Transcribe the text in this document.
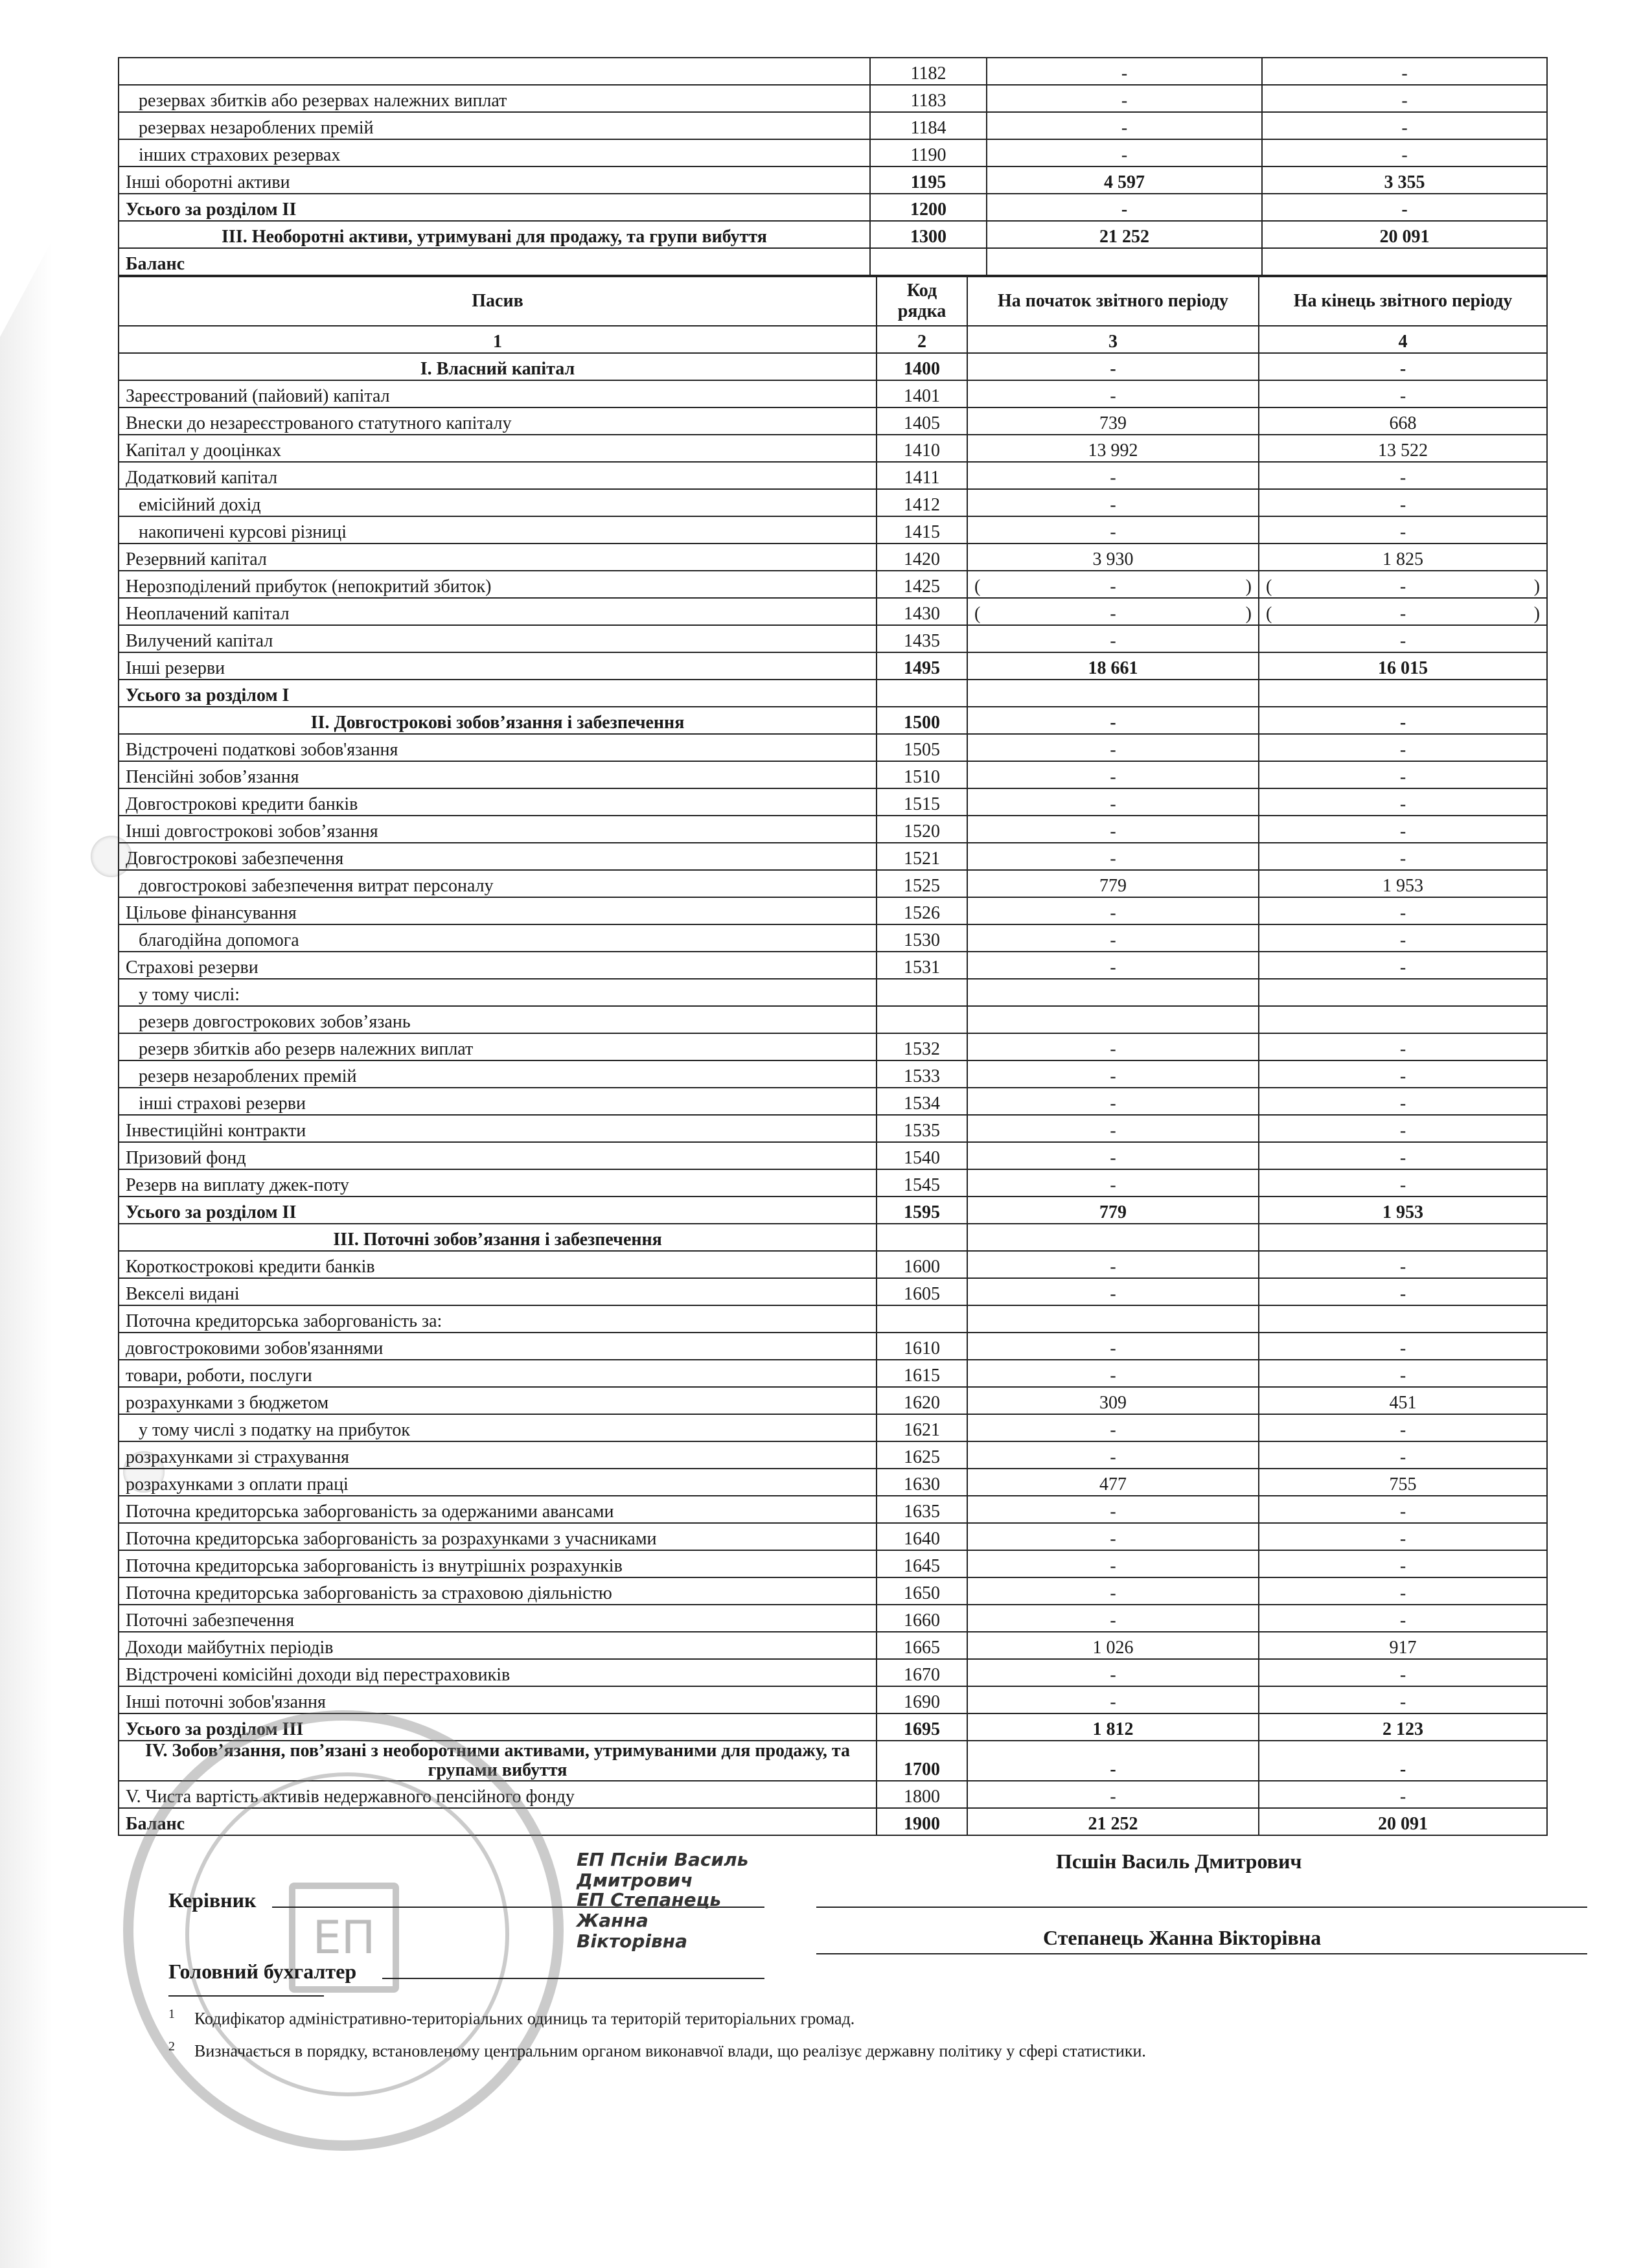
	1182	-	-
резервах збитків або резервах належних виплат	1183	-	-
резервах незароблених премій	1184	-	-
інших страхових резервах	1190	-	-
Інші оборотні активи	1195	4 597	3 355
Усього за розділом II	1200	-	-
III. Необоротні активи, утримувані для продажу, та групи вибуття	1300	21 252	20 091
Баланс			
Пасив	Код рядка	На початок звітного періоду	На кінець звітного періоду
1	2	3	4
I. Власний капітал	1400	-	-
Зареєстрований (пайовий) капітал	1401	-	-
Внески до незареєстрованого статутного капіталу	1405	739	668
Капітал у дооцінках	1410	13 992	13 522
Додатковий капітал	1411	-	-
емісійний дохід	1412	-	-
накопичені курсові різниці	1415	-	-
Резервний капітал	1420	3 930	1 825
Нерозподілений прибуток (непокритий збиток)	1425	( - )	( - )

Неоплачений капітал	1430	( - )	( - )

Вилучений капітал	1435	-	-
Інші резерви	1495	18 661	16 015
Усього за розділом I			
II. Довгострокові зобов’язання і забезпечення	1500	-	-
Відстрочені податкові зобов'язання	1505	-	-
Пенсійні зобов’язання	1510	-	-
Довгострокові кредити банків	1515	-	-
Інші довгострокові зобов’язання	1520	-	-
Довгострокові забезпечення	1521	-	-
довгострокові забезпечення витрат персоналу	1525	779	1 953
Цільове фінансування	1526	-	-
благодійна допомога	1530	-	-
Страхові резерви	1531	-	-
у тому числі:			
резерв довгострокових зобов’язань			
резерв збитків або резерв належних виплат	1532	-	-
резерв незароблених премій	1533	-	-
інші страхові резерви	1534	-	-
Інвестиційні контракти	1535	-	-
Призовий фонд	1540	-	-
Резерв на виплату джек-поту	1545	-	-
Усього за розділом II	1595	779	1 953
III. Поточні зобов’язання і забезпечення			
Короткострокові кредити банків	1600	-	-
Векселі видані	1605	-	-
Поточна кредиторська заборгованість за:			
довгостроковими зобов'язаннями	1610	-	-
товари, роботи, послуги	1615	-	-
розрахунками з бюджетом	1620	309	451
у тому числі з податку на прибуток	1621	-	-
розрахунками зі страхування	1625	-	-
розрахунками з оплати праці	1630	477	755
Поточна кредиторська заборгованість за одержаними авансами	1635	-	-
Поточна кредиторська заборгованість за розрахунками з учасниками	1640	-	-
Поточна кредиторська заборгованість із внутрішніх розрахунків	1645	-	-
Поточна кредиторська заборгованість за страховою діяльністю	1650	-	-
Поточні забезпечення	1660	-	-
Доходи майбутніх періодів	1665	1 026	917
Відстрочені комісійні доходи від перестраховиків	1670	-	-
Інші поточні зобов'язання	1690	-	-
Усього за розділом III	1695	1 812	2 123
IV. Зобов’язання, пов’язані з необоротними активами, утримуваними для продажу, та групами вибуття	1700	-	-
V. Чиста вартість активів недержавного пенсійного фонду	1800	-	-
Баланс	1900	21 252	20 091
ЕП
Керівник
ЕП Псніи Василь
Дмитрович
Псшін Василь Дмитрович
ЕП Степанець
Жанна
Вікторівна
Головний бухгалтер
Степанець Жанна Вікторівна
$^1$ Кодифікатор адміністративно-територіальних одиниць та територій територіальних громад.
$^2$ Визначається в порядку, встановленому центральним органом виконавчої влади, що реалізує державну політику у сфері статистики.
